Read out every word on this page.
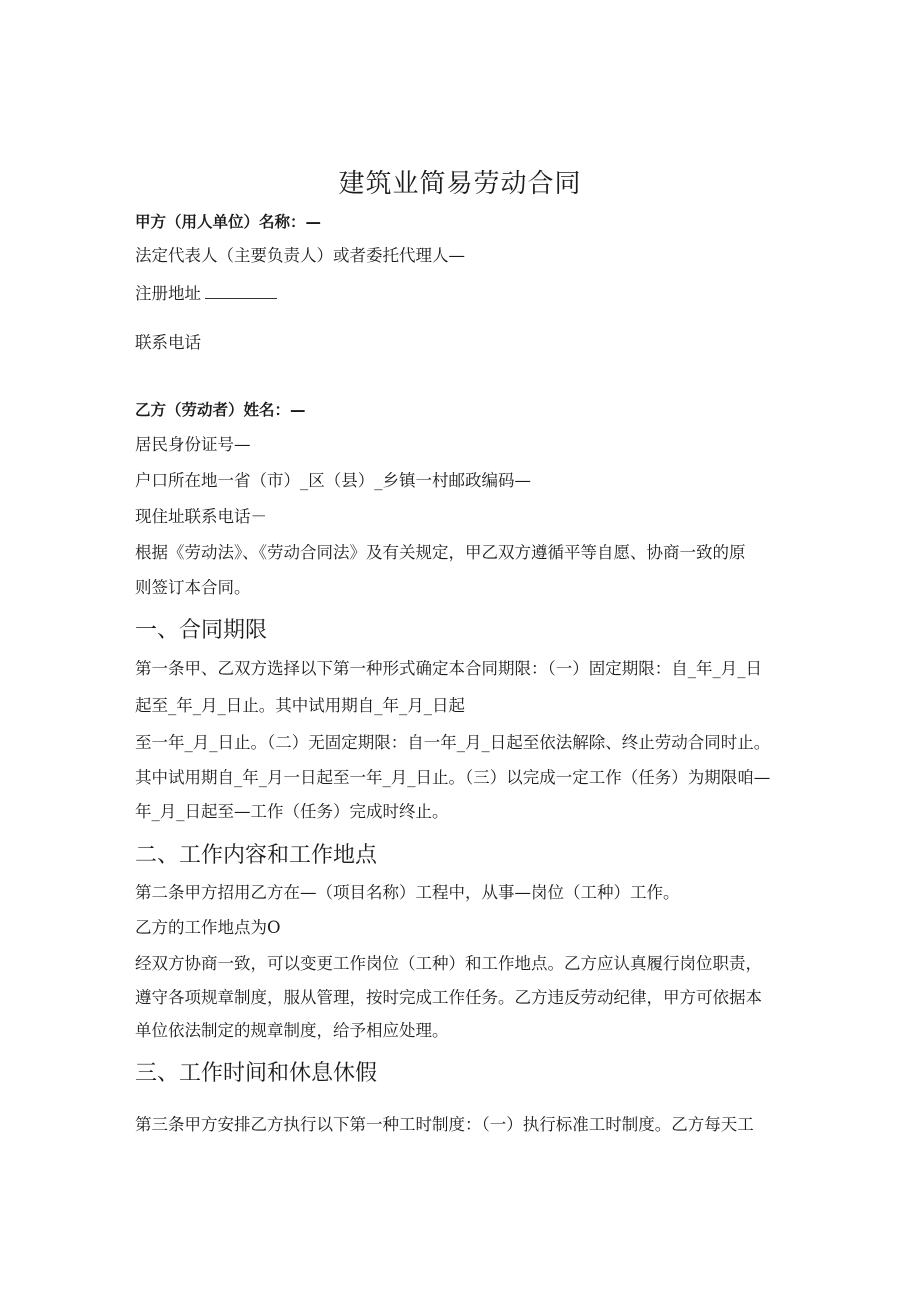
建筑业简易劳动合同
甲方（用人单位）名称：—
法定代表人（主要负责人）或者委托代理人—
注册地址
联系电话
乙方（劳动者）姓名：—
居民身份证号—
户口所在地一省（市）_区（县）_乡镇一村邮政编码—
现住址联系电话－
根据《劳动法》、《劳动合同法》及有关规定，甲乙双方遵循平等自愿、协商一致的原
则签订本合同。
一、合同期限
第一条甲、乙双方选择以下第一种形式确定本合同期限：（一）固定期限：自_年_月_日
起至_年_月_日止。其中试用期自_年_月_日起
至一年_月_日止。（二）无固定期限：自一年_月_日起至依法解除、终止劳动合同时止。
其中试用期自_年_月一日起至一年_月_日止。（三）以完成一定工作（任务）为期限咱—
年_月_日起至—工作（任务）完成时终止。
二、工作内容和工作地点
第二条甲方招用乙方在—（项目名称）工程中，从事—岗位（工种）工作。
乙方的工作地点为O
经双方协商一致，可以变更工作岗位（工种）和工作地点。乙方应认真履行岗位职责，
遵守各项规章制度，服从管理，按时完成工作任务。乙方违反劳动纪律，甲方可依据本
单位依法制定的规章制度，给予相应处理。
三、工作时间和休息休假
第三条甲方安排乙方执行以下第一种工时制度：（一）执行标准工时制度。乙方每天工
